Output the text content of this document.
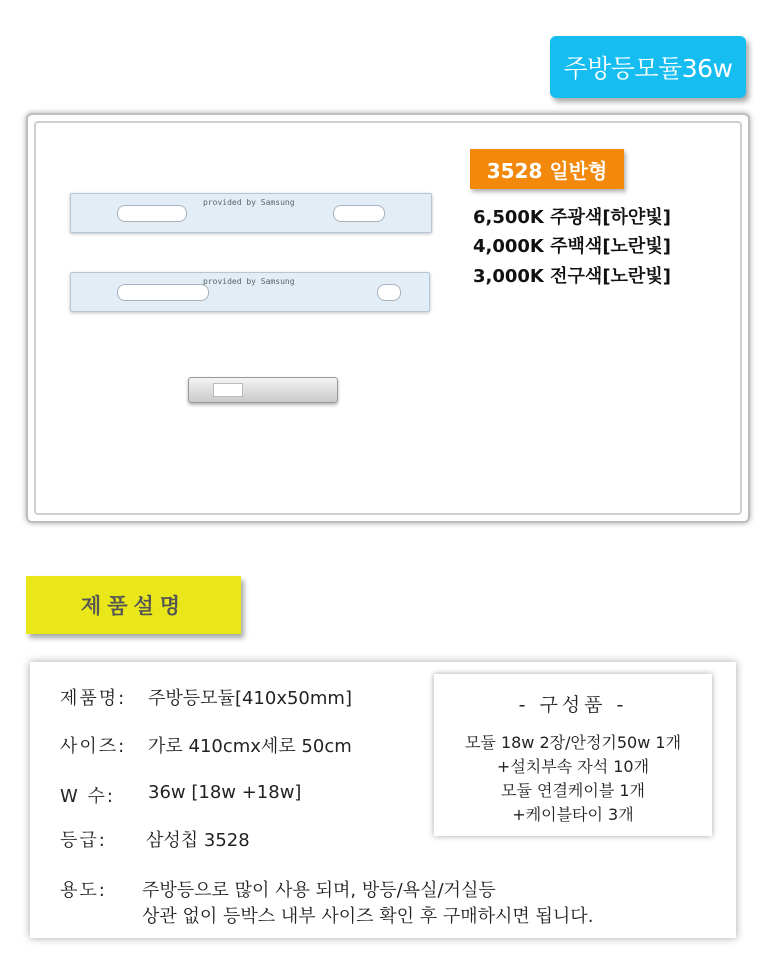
주방등모듈36w
provided by Samsung
provided by Samsung
3528 일반형
6,500K 주광색[하얀빛]
4,000K 주백색[노란빛]
3,000K 전구색[노란빛]
제품설명
제품명: 주방등모듈[410x50mm]
사이즈: 가로 410cmx세로 50cm
W 수: 36w [18w +18w]
등급: 삼성칩 3528
용도: 주방등으로 많이 사용 되며, 방등/욕실/거실등
상관 없이 등박스 내부 사이즈 확인 후 구매하시면 됩니다.
- 구성품 -
모듈 18w 2장/안정기50w 1개
+설치부속 자석 10개
모듈 연결케이블 1개
+케이블타이 3개
